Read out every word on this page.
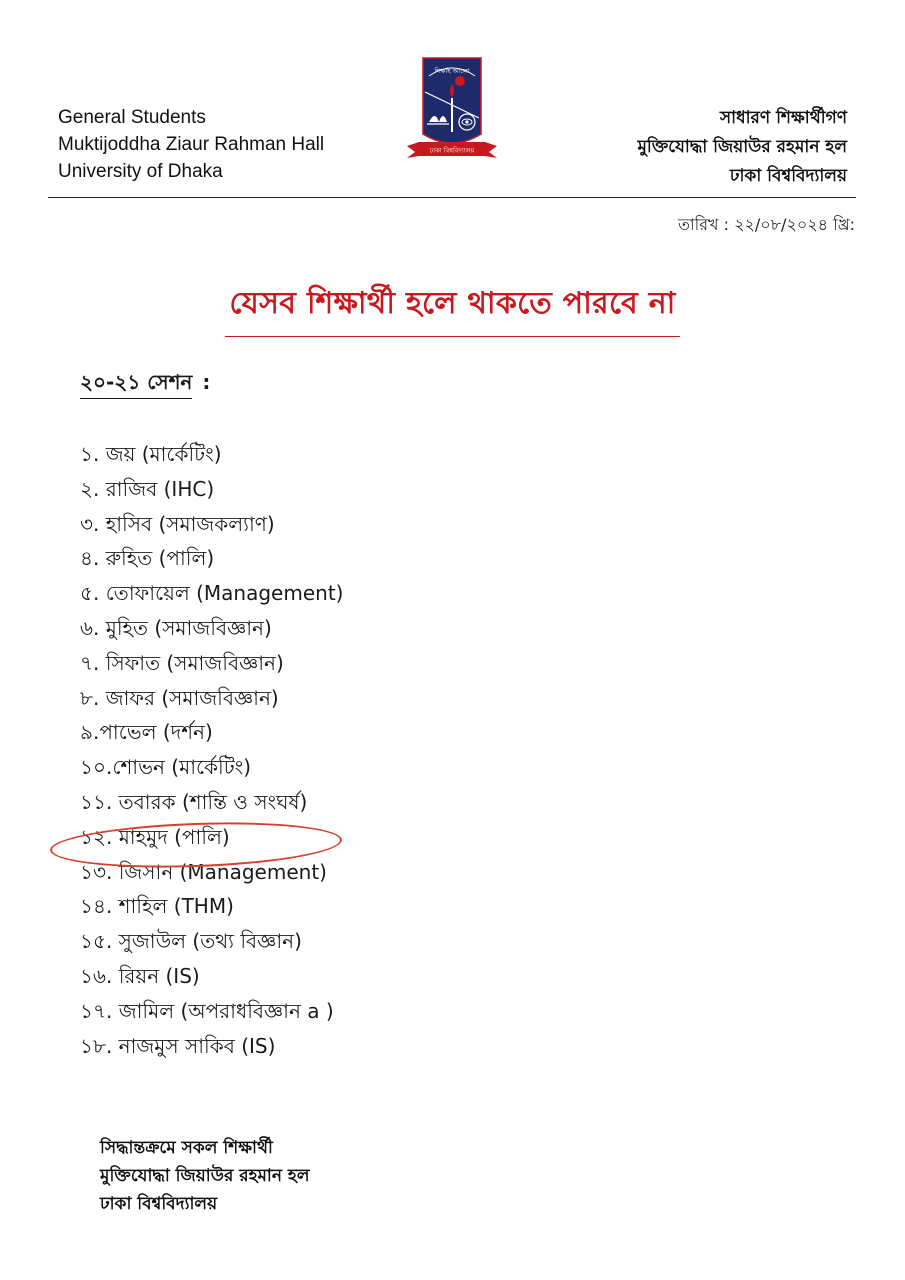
General Students
Muktijoddha Ziaur Rahman Hall
University of Dhaka
শিক্ষাই আলো
ঢাকা বিশ্ববিদ্যালয়
সাধারণ শিক্ষার্থীগণ
মুক্তিযোদ্ধা জিয়াউর রহমান হল
ঢাকা বিশ্ববিদ্যালয়
তারিখ : ২২/০৮/২০২৪ খ্রি:
যেসব শিক্ষার্থী হলে থাকতে পারবে না
২০-২১ সেশন :
১. জয় (মার্কেটিং)
২. রাজিব (IHC)
৩. হাসিব (সমাজকল্যাণ)
৪. রুহিত (পালি)
৫. তোফায়েল (Management)
৬. মুহিত (সমাজবিজ্ঞান)
৭. সিফাত (সমাজবিজ্ঞান)
৮. জাফর (সমাজবিজ্ঞান)
৯.পাভেল (দর্শন)
১০.শোভন (মার্কেটিং)
১১. তবারক (শান্তি ও সংঘর্ষ)
১২. মাহমুদ (পালি)
১৩. জিসান (Management)
১৪. শাহিল (THM)
১৫. সুজাউল (তথ্য বিজ্ঞান)
১৬. রিয়ন (IS)
১৭. জামিল (অপরাধবিজ্ঞান a )
১৮. নাজমুস সাকিব (IS)
সিদ্ধান্তক্রমে সকল শিক্ষার্থী
মুক্তিযোদ্ধা জিয়াউর রহমান হল
ঢাকা বিশ্ববিদ্যালয়
